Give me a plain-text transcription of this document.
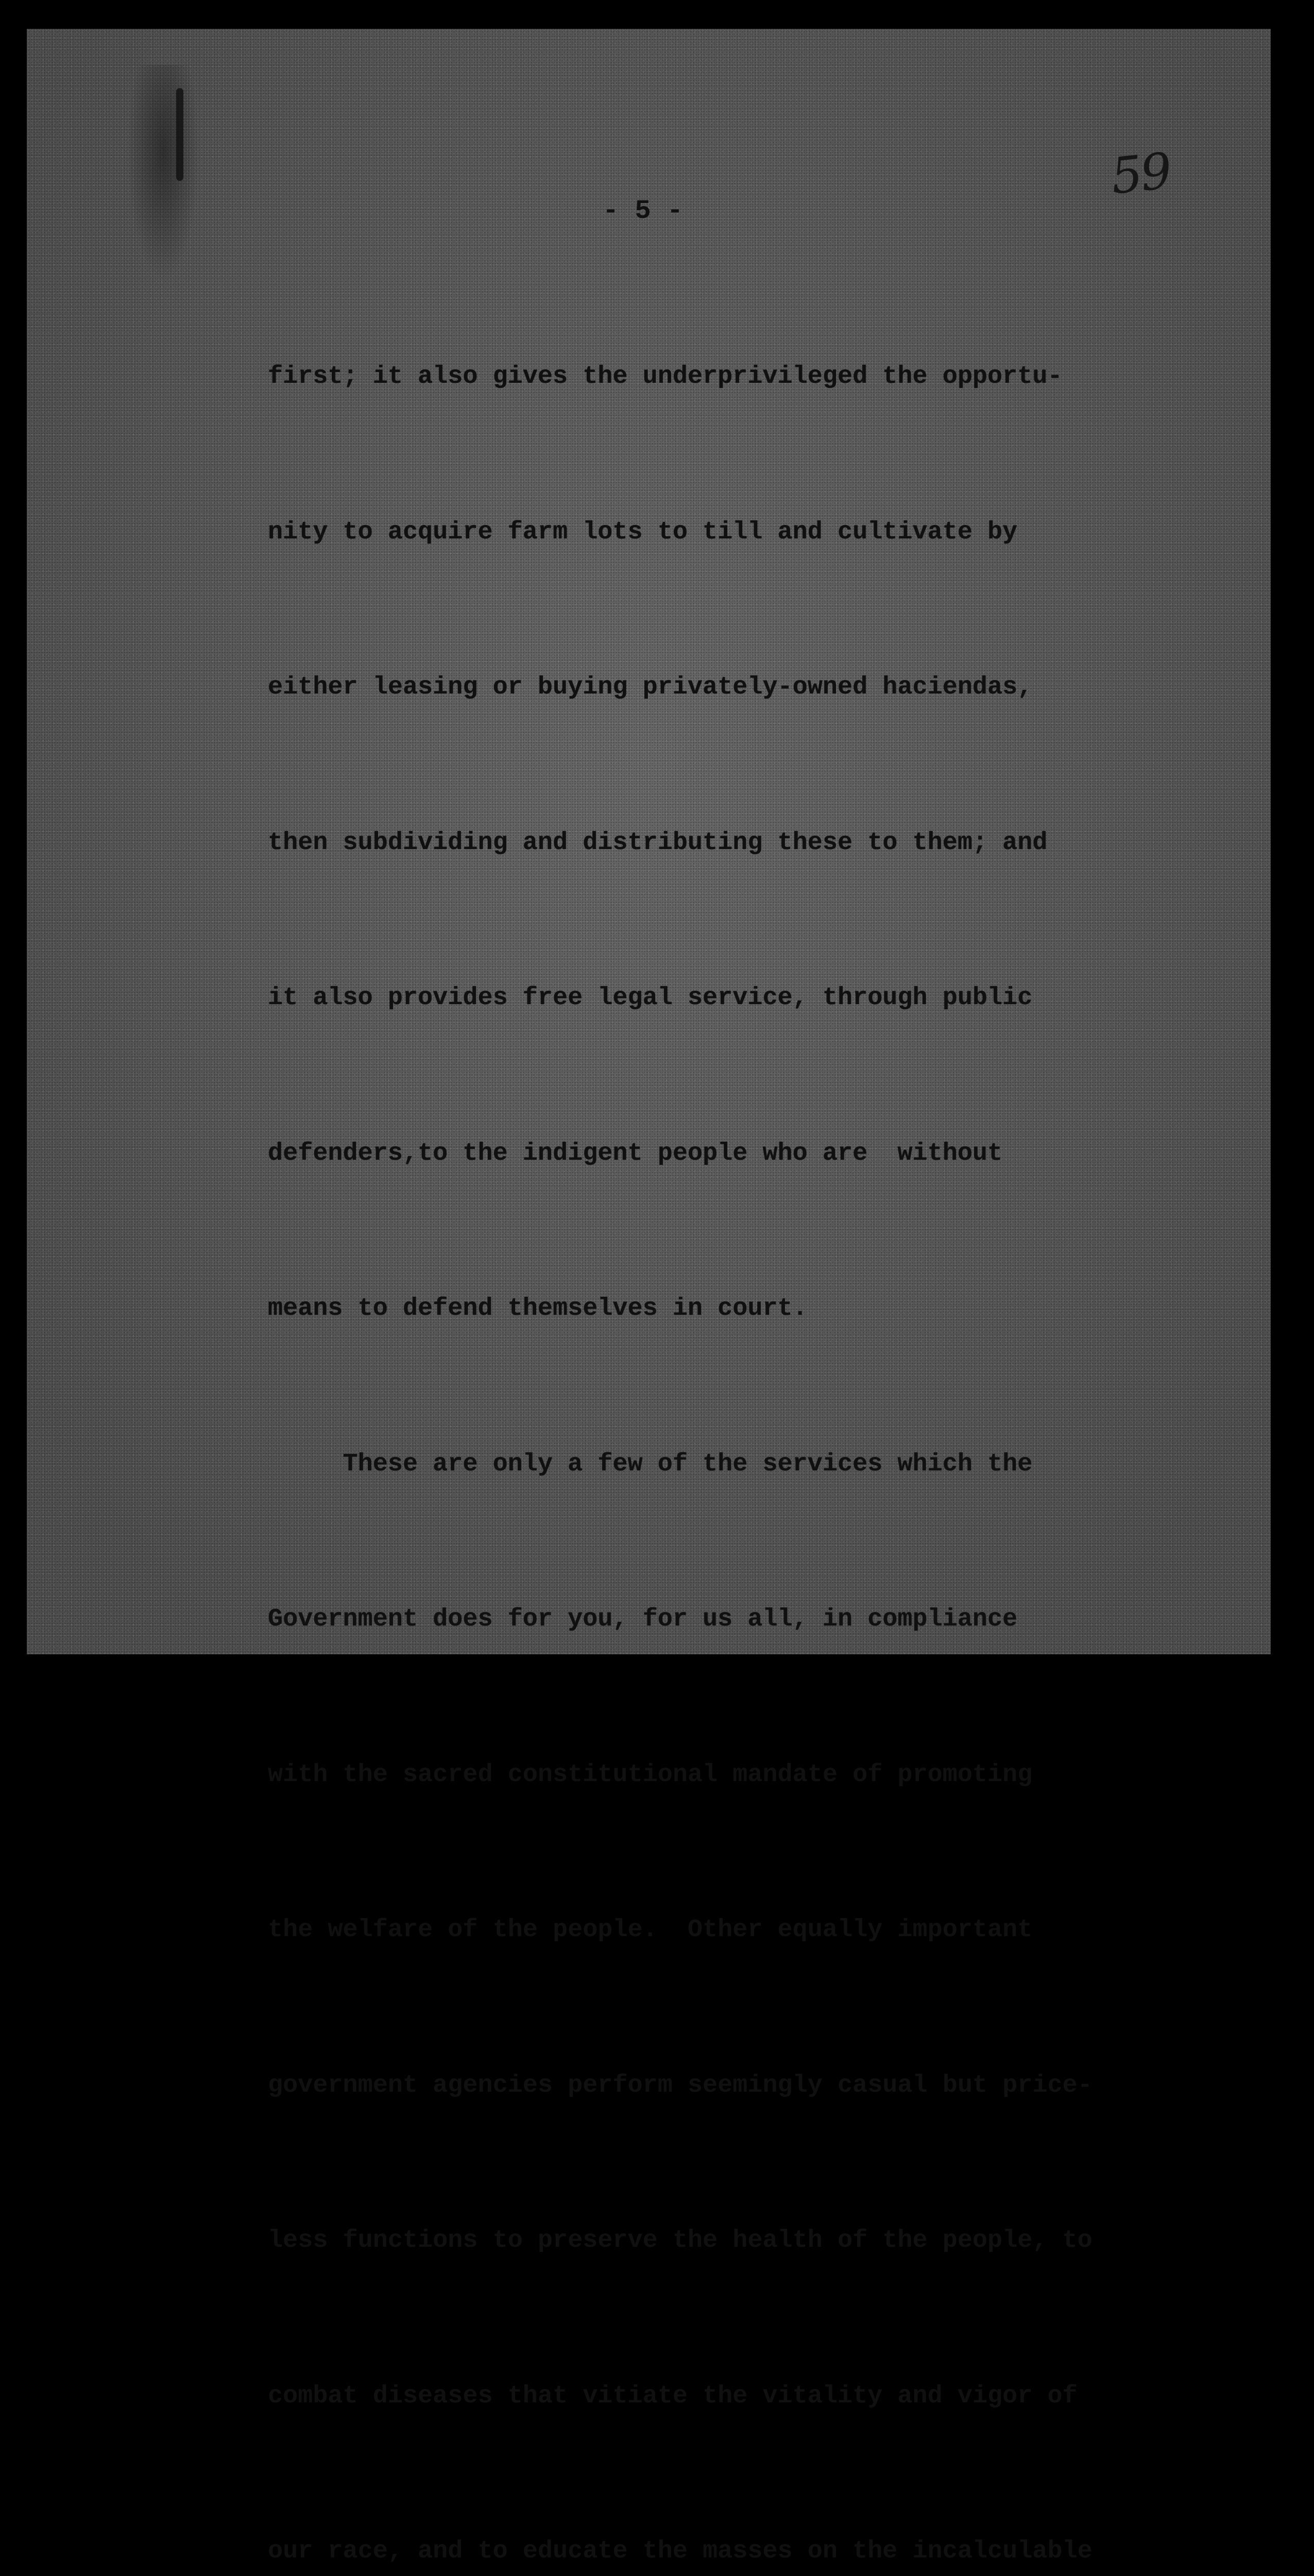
59
- 5 -

first; it also gives the underprivileged the opportu-

nity to acquire farm lots to till and cultivate by

either leasing or buying privately-owned haciendas,

then subdividing and distributing these to them; and

it also provides free legal service, through public

defenders,to the indigent people who are  without

means to defend themselves in court.

These are only a few of the services which the

Government does for you, for us all, in compliance

with the sacred constitutional mandate of promoting

the welfare of the people.  Other equally important

government agencies perform seemingly casual but price-

less functions to preserve the health of the people, to

combat diseases that vitiate the vitality and vigor of

our race, and to educate the masses on the incalculable
